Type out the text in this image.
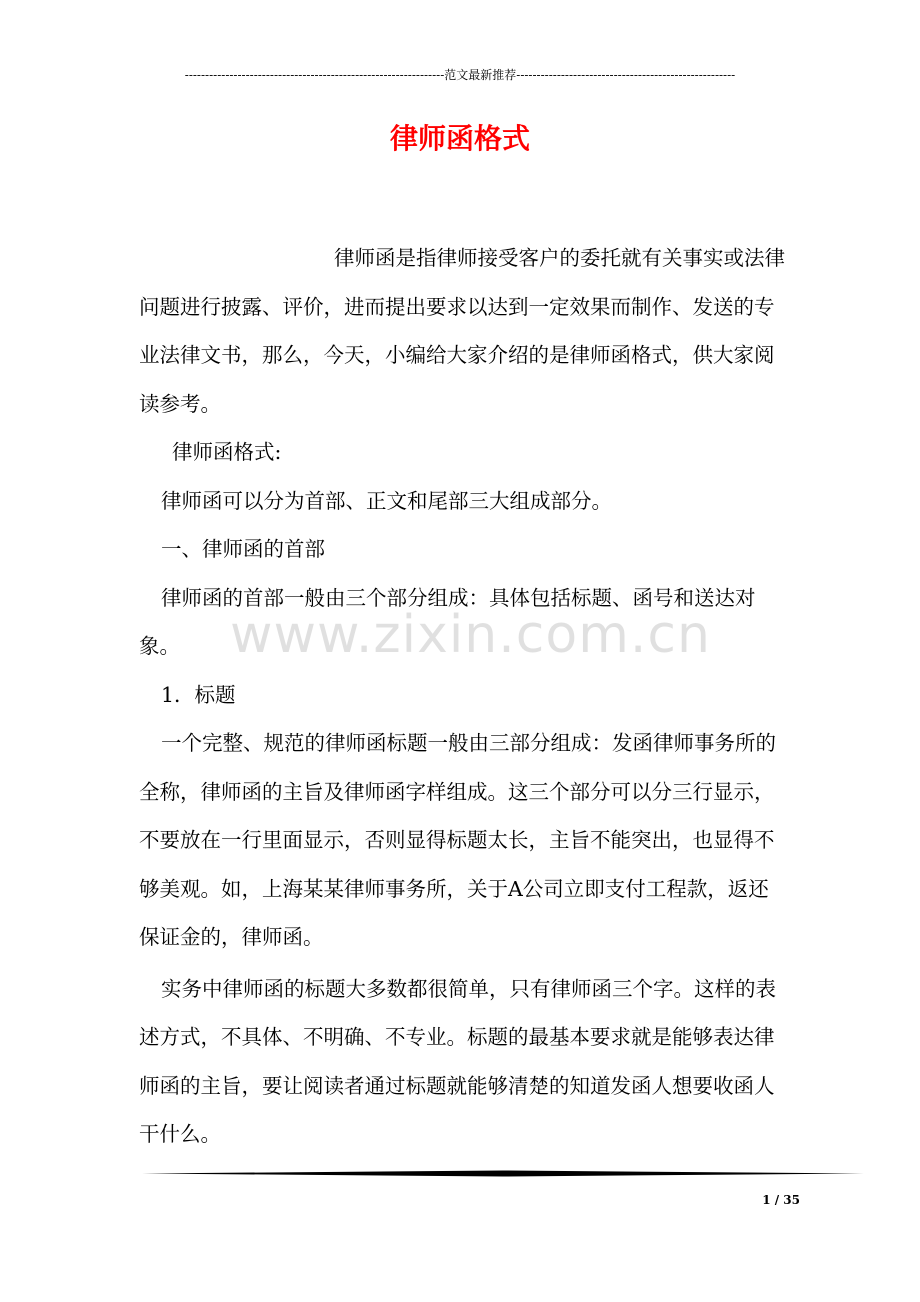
----------------------------------------------------------------范文最新推荐------------------------------------------------------
律师函格式

律师函是指律师接受客户的委托就有关事实或法律问题进行披露、评价，进而提出要求以达到一定效果而制作、发送的专业法律文书，那么，今天，小编给大家介绍的是律师函格式，供大家阅读参考。

律师函格式:

律师函可以分为首部、正文和尾部三大组成部分。

一、律师函的首部

律师函的首部一般由三个部分组成：具体包括标题、函号和送达对象。

1．标题

一个完整、规范的律师函标题一般由三部分组成：发函律师事务所的全称，律师函的主旨及律师函字样组成。这三个部分可以分三行显示，不要放在一行里面显示，否则显得标题太长，主旨不能突出，也显得不够美观。如，上海某某律师事务所，关于A公司立即支付工程款，返还保证金的，律师函。

实务中律师函的标题大多数都很简单，只有律师函三个字。这样的表述方式，不具体、不明确、不专业。标题的最基本要求就是能够表达律师函的主旨，要让阅读者通过标题就能够清楚的知道发函人想要收函人干什么。

www.zixin.com.cn
1 / 35
